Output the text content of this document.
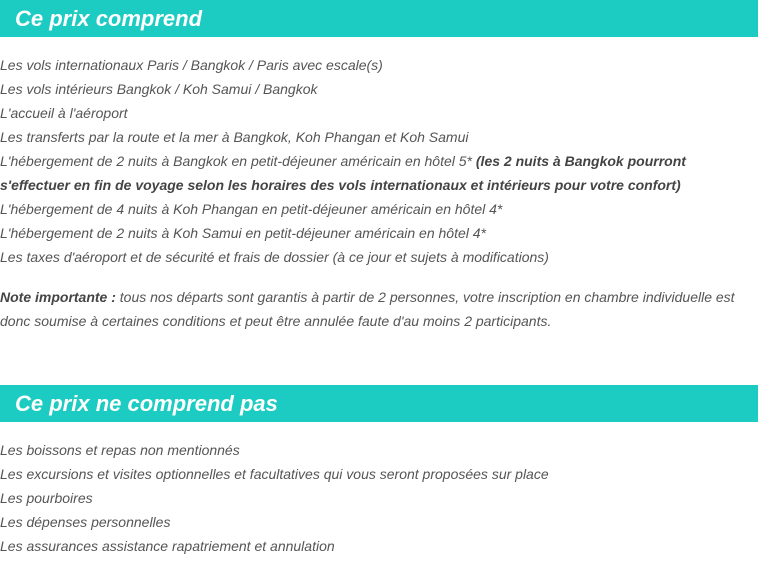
Ce prix comprend
Les vols internationaux Paris / Bangkok / Paris avec escale(s)
Les vols intérieurs Bangkok / Koh Samui / Bangkok
L'accueil à l'aéroport
Les transferts par la route et la mer à Bangkok, Koh Phangan et Koh Samui
L'hébergement de 2 nuits à Bangkok en petit-déjeuner américain en hôtel 5* (les 2 nuits à Bangkok pourront s'effectuer en fin de voyage selon les horaires des vols internationaux et intérieurs pour votre confort)
L'hébergement de 4 nuits à Koh Phangan en petit-déjeuner américain en hôtel 4*
L'hébergement de 2 nuits à Koh Samui en petit-déjeuner américain en hôtel 4*
Les taxes d'aéroport et de sécurité et frais de dossier (à ce jour et sujets à modifications)
Note importante : tous nos départs sont garantis à partir de 2 personnes, votre inscription en chambre individuelle est donc soumise à certaines conditions et peut être annulée faute d'au moins 2 participants.
Ce prix ne comprend pas
Les boissons et repas non mentionnés
Les excursions et visites optionnelles et facultatives qui vous seront proposées sur place
Les pourboires
Les dépenses personnelles
Les assurances assistance rapatriement et annulation
